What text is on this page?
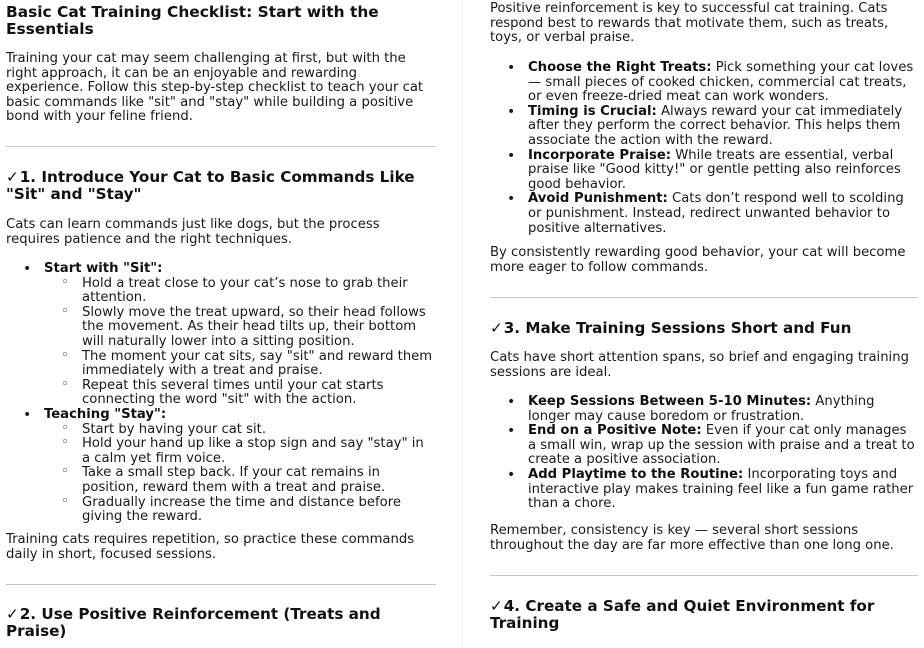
Basic Cat Training Checklist: Start with the Essentials

Training your cat may seem challenging at first, but with the right approach, it can be an enjoyable and rewarding experience. Follow this step-by-step checklist to teach your cat basic commands like "sit" and "stay" while building a positive bond with your feline friend.

✓1. Introduce Your Cat to Basic Commands Like "Sit" and "Stay"

Cats can learn commands just like dogs, but the process requires patience and the right techniques.

• Start with "Sit":
◦ Hold a treat close to your cat’s nose to grab their attention.
◦ Slowly move the treat upward, so their head follows the movement. As their head tilts up, their bottom will naturally lower into a sitting position.
◦ The moment your cat sits, say "sit" and reward them immediately with a treat and praise.
◦ Repeat this several times until your cat starts connecting the word "sit" with the action.
• Teaching "Stay":
◦ Start by having your cat sit.
◦ Hold your hand up like a stop sign and say "stay" in a calm yet firm voice.
◦ Take a small step back. If your cat remains in position, reward them with a treat and praise.
◦ Gradually increase the time and distance before giving the reward.

Training cats requires repetition, so practice these commands daily in short, focused sessions.

✓2. Use Positive Reinforcement (Treats and Praise)

Positive reinforcement is key to successful cat training. Cats respond best to rewards that motivate them, such as treats, toys, or verbal praise.

• Choose the Right Treats: Pick something your cat loves — small pieces of cooked chicken, commercial cat treats, or even freeze-dried meat can work wonders.
• Timing is Crucial: Always reward your cat immediately after they perform the correct behavior. This helps them associate the action with the reward.
• Incorporate Praise: While treats are essential, verbal praise like "Good kitty!" or gentle petting also reinforces good behavior.
• Avoid Punishment: Cats don’t respond well to scolding or punishment. Instead, redirect unwanted behavior to positive alternatives.

By consistently rewarding good behavior, your cat will become more eager to follow commands.

✓3. Make Training Sessions Short and Fun

Cats have short attention spans, so brief and engaging training sessions are ideal.

• Keep Sessions Between 5-10 Minutes: Anything longer may cause boredom or frustration.
• End on a Positive Note: Even if your cat only manages a small win, wrap up the session with praise and a treat to create a positive association.
• Add Playtime to the Routine: Incorporating toys and interactive play makes training feel like a fun game rather than a chore.

Remember, consistency is key — several short sessions throughout the day are far more effective than one long one.

✓4. Create a Safe and Quiet Environment for Training
